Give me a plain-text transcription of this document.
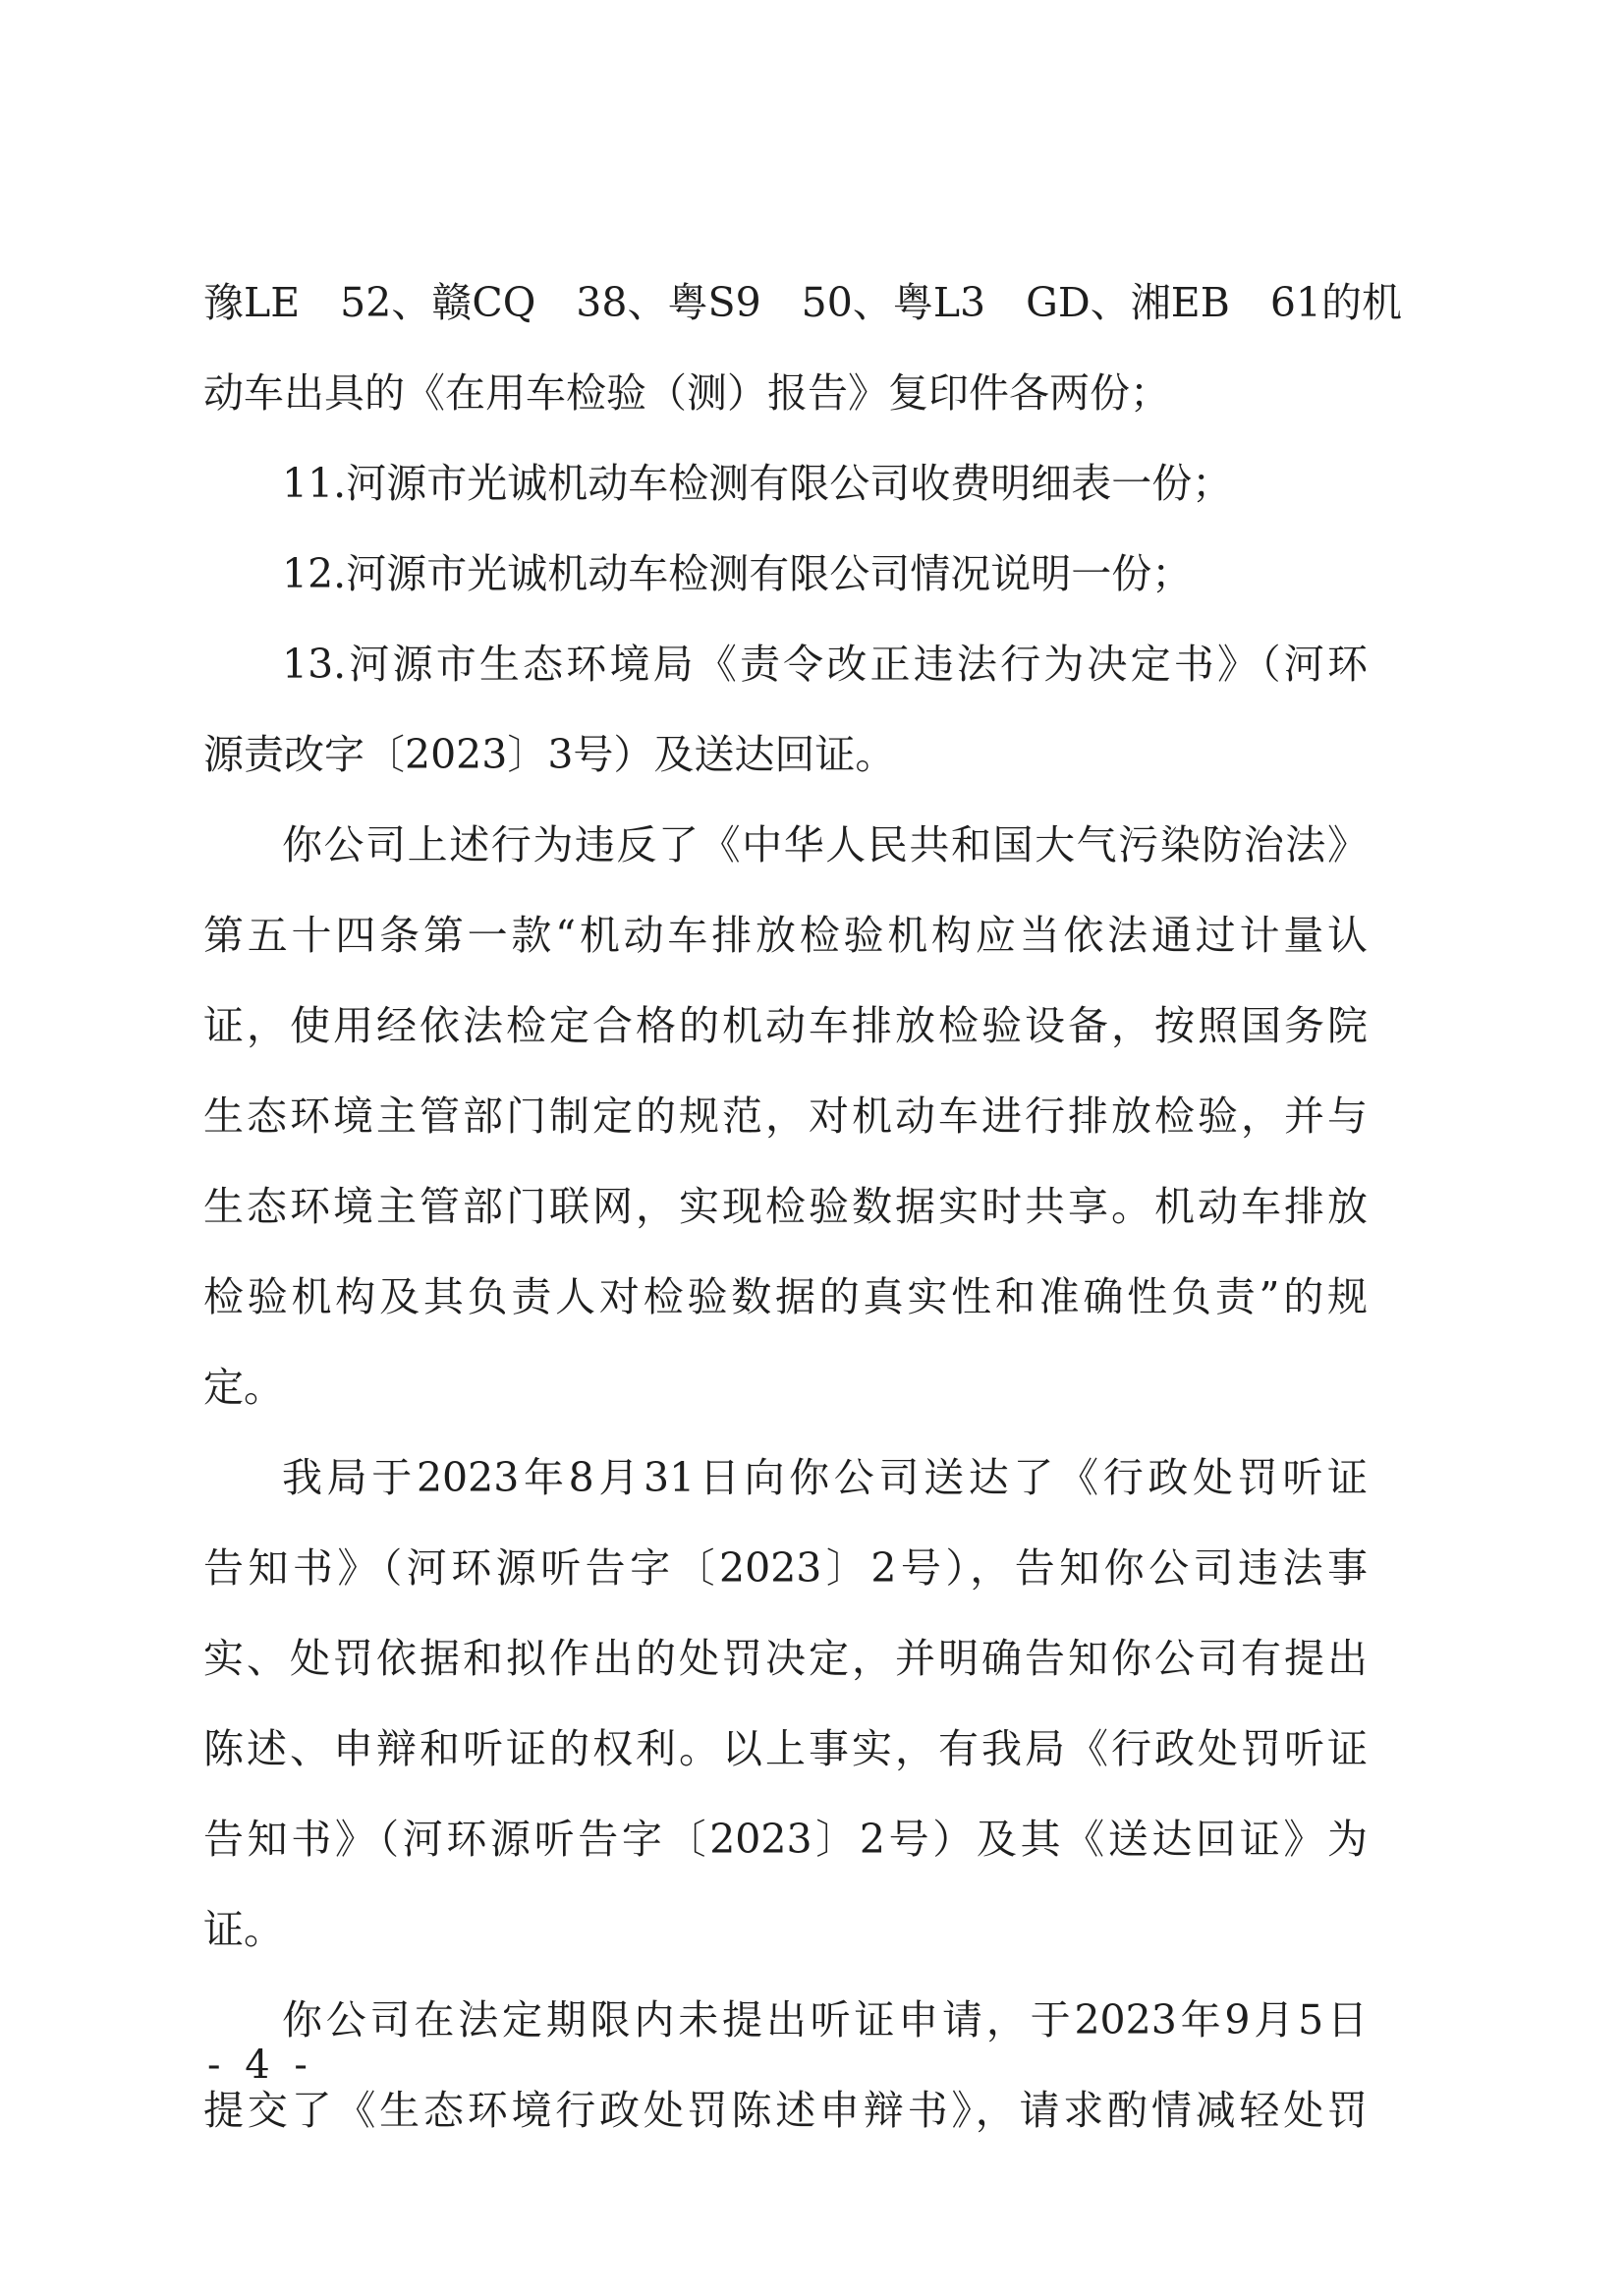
豫LE　52、赣CQ　38、粤S9　50、粤L3　GD、湘EB　61的机
动车出具的《在用车检验（测）报告》复印件各两份；
11.河源市光诚机动车检测有限公司收费明细表一份；
12.河源市光诚机动车检测有限公司情况说明一份；
13.河源市生态环境局《责令改正违法行为决定书》（河环
源责改字〔2023〕3号）及送达回证。
你公司上述行为违反了《中华人民共和国大气污染防治法》
第五十四条第一款“机动车排放检验机构应当依法通过计量认
证，使用经依法检定合格的机动车排放检验设备，按照国务院
生态环境主管部门制定的规范，对机动车进行排放检验，并与
生态环境主管部门联网，实现检验数据实时共享。机动车排放
检验机构及其负责人对检验数据的真实性和准确性负责”的规
定。
我局于2023年8月31日向你公司送达了《行政处罚听证
告知书》（河环源听告字〔2023〕2号），告知你公司违法事
实、处罚依据和拟作出的处罚决定，并明确告知你公司有提出
陈述、申辩和听证的权利。以上事实，有我局《行政处罚听证
告知书》（河环源听告字〔2023〕2号）及其《送达回证》为
证。
你公司在法定期限内未提出听证申请，于2023年9月5日
提交了《生态环境行政处罚陈述申辩书》，请求酌情减轻处罚
- 4 -
